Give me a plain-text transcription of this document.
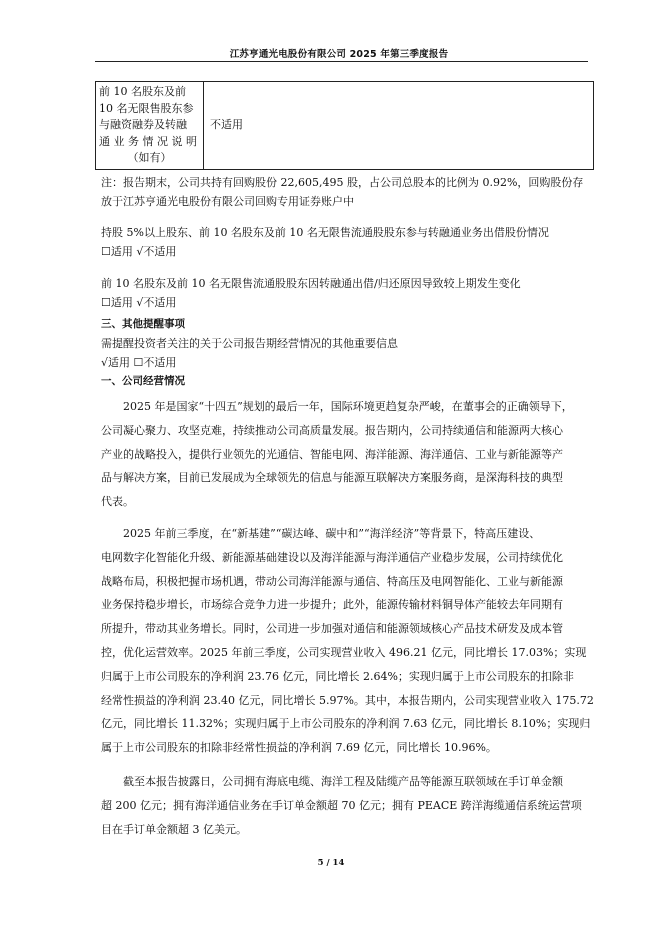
江苏亨通光电股份有限公司 2025 年第三季度报告
前 10 名股东及前
10 名无限售股东参
与融资融券及转融
通 业 务 情 况 说 明
（如有）
	不适用
注：报告期末，公司共持有回购股份 22,605,495 股，占公司总股本的比例为 0.92%，回购股份存
放于江苏亨通光电股份有限公司回购专用证券账户中
持股 5%以上股东、前 10 名股东及前 10 名无限售流通股股东参与转融通业务出借股份情况
☐适用 √不适用
前 10 名股东及前 10 名无限售流通股股东因转融通出借/归还原因导致较上期发生变化
☐适用 √不适用
三、其他提醒事项
需提醒投资者关注的关于公司报告期经营情况的其他重要信息
√适用 ☐不适用
一、公司经营情况
2025 年是国家“十四五”规划的最后一年，国际环境更趋复杂严峻，在董事会的正确领导下，
公司凝心聚力、攻坚克难，持续推动公司高质量发展。报告期内，公司持续通信和能源两大核心
产业的战略投入，提供行业领先的光通信、智能电网、海洋能源、海洋通信、工业与新能源等产
品与解决方案，目前已发展成为全球领先的信息与能源互联解决方案服务商，是深海科技的典型
代表。
2025 年前三季度，在“新基建”“碳达峰、碳中和”“海洋经济”等背景下，特高压建设、
电网数字化智能化升级、新能源基础建设以及海洋能源与海洋通信产业稳步发展，公司持续优化
战略布局，积极把握市场机遇，带动公司海洋能源与通信、特高压及电网智能化、工业与新能源
业务保持稳步增长，市场综合竞争力进一步提升；此外，能源传输材料铜导体产能较去年同期有
所提升，带动其业务增长。同时，公司进一步加强对通信和能源领域核心产品技术研发及成本管
控，优化运营效率。2025 年前三季度，公司实现营业收入 496.21 亿元，同比增长 17.03%；实现
归属于上市公司股东的净利润 23.76 亿元，同比增长 2.64%；实现归属于上市公司股东的扣除非
经常性损益的净利润 23.40 亿元，同比增长 5.97%。其中，本报告期内，公司实现营业收入 175.72
亿元，同比增长 11.32%；实现归属于上市公司股东的净利润 7.63 亿元，同比增长 8.10%；实现归
属于上市公司股东的扣除非经常性损益的净利润 7.69 亿元，同比增长 10.96%。
截至本报告披露日，公司拥有海底电缆、海洋工程及陆缆产品等能源互联领域在手订单金额
超 200 亿元；拥有海洋通信业务在手订单金额超 70 亿元；拥有 PEACE 跨洋海缆通信系统运营项
目在手订单金额超 3 亿美元。
5 / 14
